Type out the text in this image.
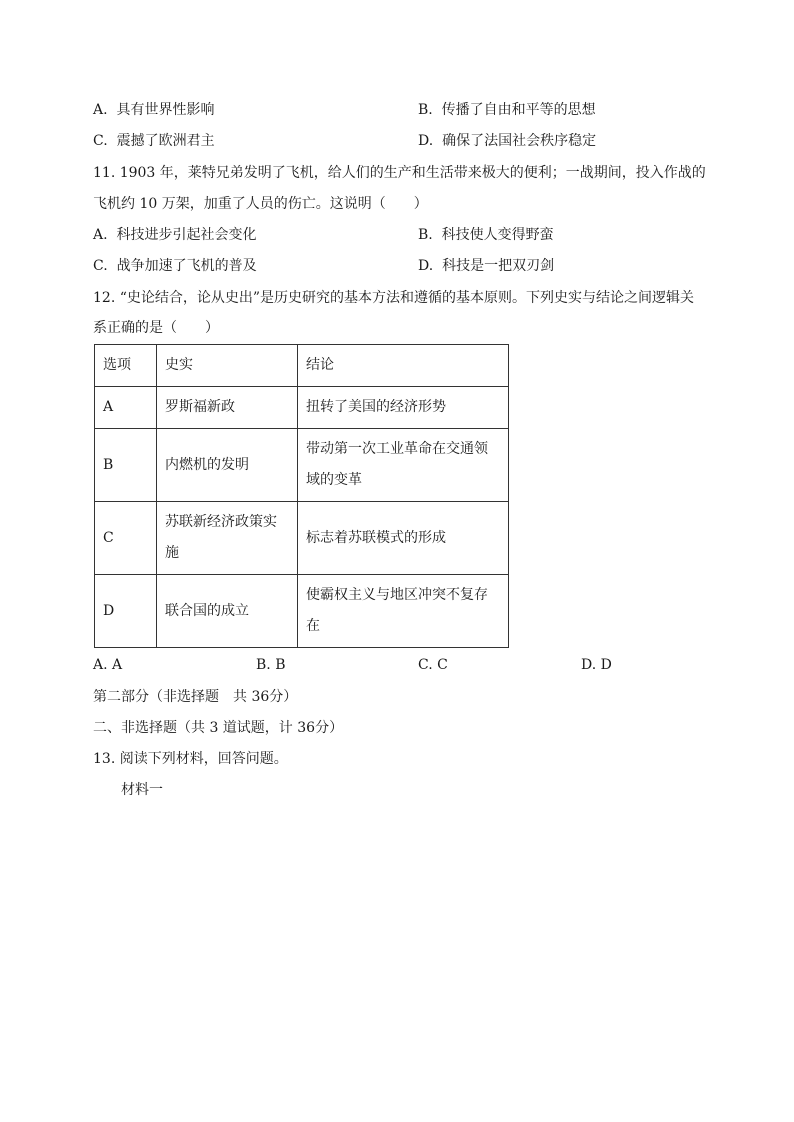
A. 具有世界性影响	B. 传播了自由和平等的思想
C. 震撼了欧洲君主	D. 确保了法国社会秩序稳定
11. 1903 年，莱特兄弟发明了飞机，给人们的生产和生活带来极大的便利；一战期间，投入作战的
飞机约 10 万架，加重了人员的伤亡。这说明（　　）
A. 科技进步引起社会变化	B. 科技使人变得野蛮
C. 战争加速了飞机的普及	D. 科技是一把双刃剑
12. “史论结合，论从史出”是历史研究的基本方法和遵循的基本原则。下列史实与结论之间逻辑关
系正确的是（　　）
选项	史实	结论
A	罗斯福新政	扭转了美国的经济形势
B	内燃机的发明	带动第一次工业革命在交通领域的变革
C	苏联新经济政策实施	标志着苏联模式的形成
D	联合国的成立	使霸权主义与地区冲突不复存在
A. A	B. B	C. C	D. D
第二部分（非选择题　共 36分）
二、非选择题（共 3 道试题，计 36分）
13. 阅读下列材料，回答问题。
材料一
